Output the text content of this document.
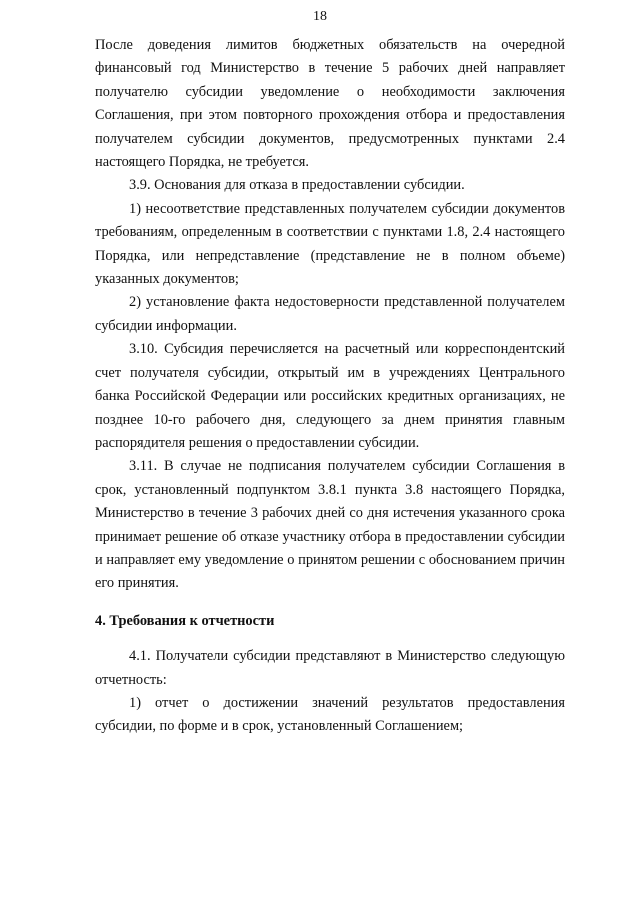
18

После доведения лимитов бюджетных обязательств на очередной финансовый год Министерство в течение 5 рабочих дней направляет получателю субсидии уведомление о необходимости заключения Соглашения, при этом повторного прохождения отбора и предоставления получателем субсидии документов, предусмотренных пунктами 2.4 настоящего Порядка, не требуется.

3.9. Основания для отказа в предоставлении субсидии.

1) несоответствие представленных получателем субсидии документов требованиям, определенным в соответствии с пунктами 1.8, 2.4 настоящего Порядка, или непредставление (представление не в полном объеме) указанных документов;

2) установление факта недостоверности представленной получателем субсидии информации.

3.10. Субсидия перечисляется на расчетный или корреспондентский счет получателя субсидии, открытый им в учреждениях Центрального банка Российской Федерации или российских кредитных организациях, не позднее 10-го рабочего дня, следующего за днем принятия главным распорядителя решения о предоставлении субсидии.

3.11. В случае не подписания получателем субсидии Соглашения в срок, установленный подпунктом 3.8.1 пункта 3.8 настоящего Порядка, Министерство в течение 3 рабочих дней со дня истечения указанного срока принимает решение об отказе участнику отбора в предоставлении субсидии и направляет ему уведомление о принятом решении с обоснованием причин его принятия.

4. Требования к отчетности

4.1. Получатели субсидии представляют в Министерство следующую отчетность:

1) отчет о достижении значений результатов предоставления субсидии, по форме и в срок, установленный Соглашением;
